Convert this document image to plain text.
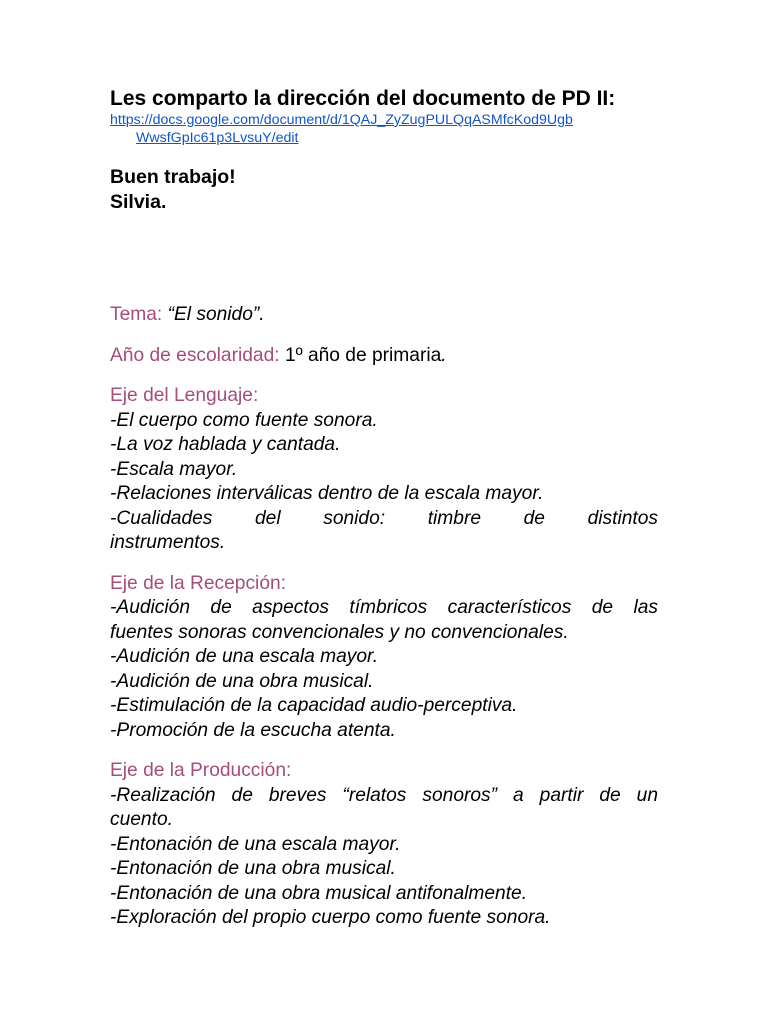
Les comparto la dirección del documento de PD II:
https://docs.google.com/document/d/1QAJ_ZyZugPULQqASMfcKod9Ugb
WwsfGpIc61p3LvsuY/edit
Buen trabajo!
Silvia.
Tema: “El sonido”.
Año de escolaridad: 1º año de primaria.
Eje del Lenguaje:
-El cuerpo como fuente sonora.
-La voz hablada y cantada.
-Escala mayor.
-Relaciones interválicas dentro de la escala mayor.
-Cualidades del sonido: timbre de distintos
instrumentos.
Eje de la Recepción:
-Audición de aspectos tímbricos característicos de las
fuentes sonoras convencionales y no convencionales.
-Audición de una escala mayor.
-Audición de una obra musical.
-Estimulación de la capacidad audio-perceptiva.
-Promoción de la escucha atenta.
Eje de la Producción:
-Realización de breves “relatos sonoros” a partir de un
cuento.
-Entonación de una escala mayor.
-Entonación de una obra musical.
-Entonación de una obra musical antifonalmente.
-Exploración del propio cuerpo como fuente sonora.
